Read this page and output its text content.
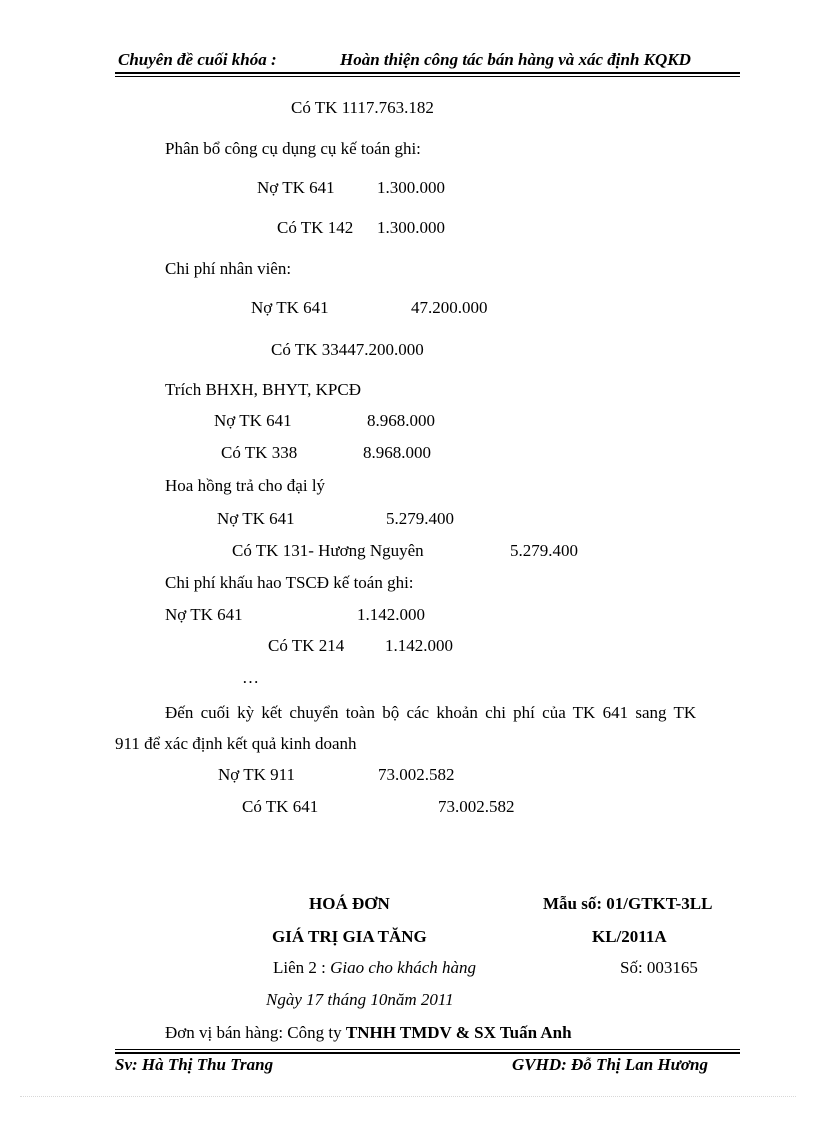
Chuyên đề cuối khóa :	Hoàn thiện công tác bán hàng và xác định KQKD
Có TK 1117.763.182
Phân bổ công cụ dụng cụ kế toán ghi:
Nợ TK 641 1.300.000
Có TK 142 1.300.000
Chi phí nhân viên:
Nợ TK 641	47.200.000
Có TK 33447.200.000
Trích BHXH, BHYT, KPCĐ
Nợ TK 641	8.968.000
Có TK 338	8.968.000
Hoa hồng trả cho đại lý
Nợ TK 641	5.279.400
Có TK 131- Hương Nguyên	5.279.400
Chi phí khấu hao TSCĐ kế toán ghi:
Nợ TK 641	1.142.000
Có TK 214 1.142.000
…
Đến cuối kỳ kết chuyển toàn bộ các khoản chi phí của TK 641 sang TK
911 để xác định kết quả kinh doanh
Nợ TK 911	73.002.582
Có TK 641	73.002.582
HOÁ ĐƠN	Mẫu số: 01/GTKT-3LL
GIÁ TRỊ GIA TĂNG	KL/2011A
Liên 2 : Giao cho khách hàng	Số: 003165
Ngày 17 tháng 10năm 2011
Đơn vị bán hàng: Công ty TNHH TMDV & SX Tuấn Anh
Sv: Hà Thị Thu Trang	GVHD: Đỗ Thị Lan Hương
